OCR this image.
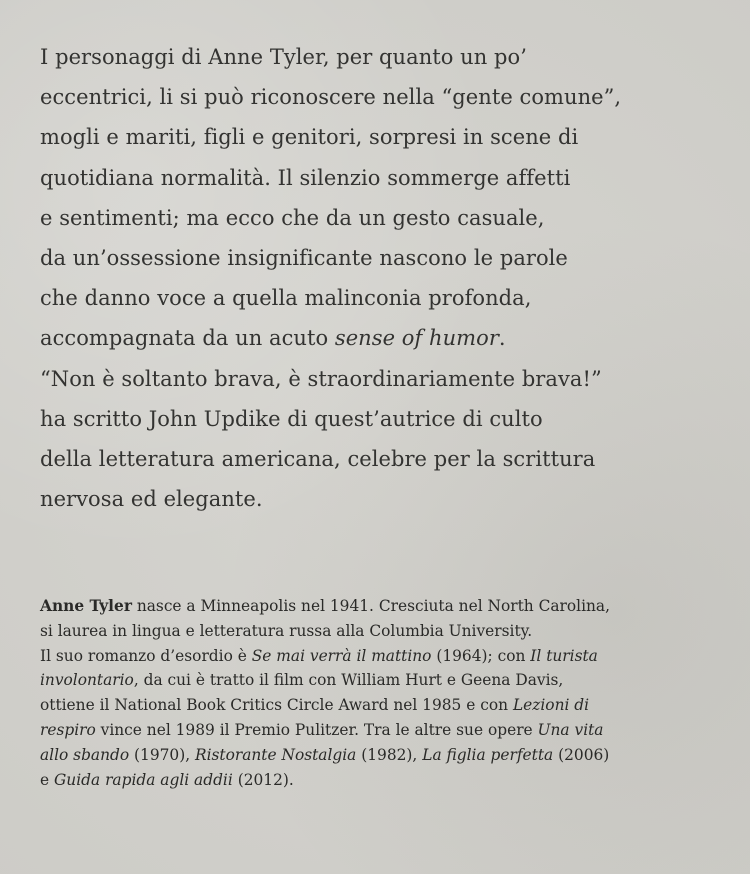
I personaggi di Anne Tyler, per quanto un po’
eccentrici, li si può riconoscere nella “gente comune”,
mogli e mariti, figli e genitori, sorpresi in scene di
quotidiana normalità. Il silenzio sommerge affetti
e sentimenti; ma ecco che da un gesto casuale,
da un’ossessione insignificante nascono le parole
che danno voce a quella malinconia profonda,
accompagnata da un acuto sense of humor.
“Non è soltanto brava, è straordinariamente brava!”
ha scritto John Updike di quest’autrice di culto
della letteratura americana, celebre per la scrittura
nervosa ed elegante.
Anne Tyler nasce a Minneapolis nel 1941. Cresciuta nel North Carolina,
si laurea in lingua e letteratura russa alla Columbia University.
Il suo romanzo d’esordio è Se mai verrà il mattino (1964); con Il turista
involontario, da cui è tratto il film con William Hurt e Geena Davis,
ottiene il National Book Critics Circle Award nel 1985 e con Lezioni di
respiro vince nel 1989 il Premio Pulitzer. Tra le altre sue opere Una vita
allo sbando (1970), Ristorante Nostalgia (1982), La figlia perfetta (2006)
e Guida rapida agli addii (2012).
